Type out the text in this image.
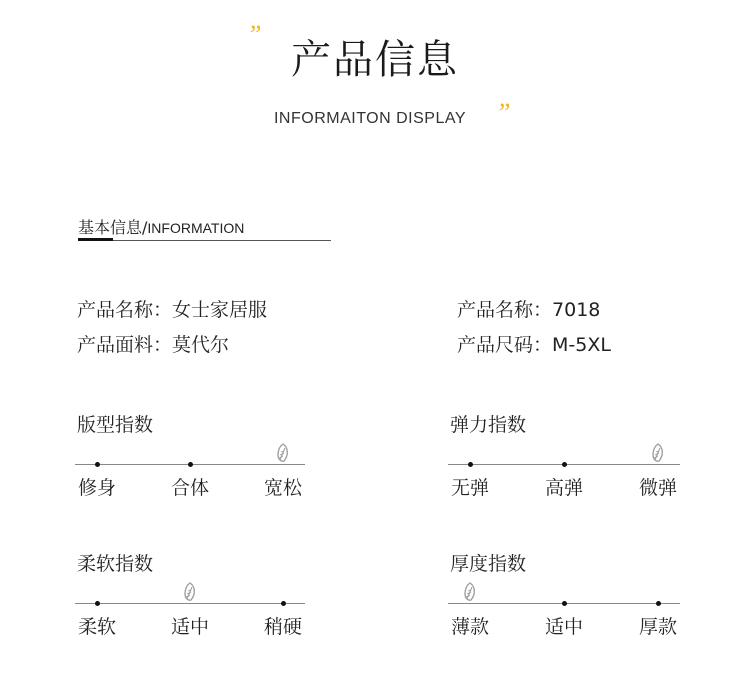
”
产品信息
INFORMAITON DISPLAY	”
基本信息/INFORMATION
产品名称：女士家居服
产品面料：莫代尔
产品名称：7018
产品尺码：M-5XL
版型指数
修身	合体	宽松
弹力指数
无弹	高弹	微弹
柔软指数
柔软	适中	稍硬
厚度指数
薄款	适中	厚款
